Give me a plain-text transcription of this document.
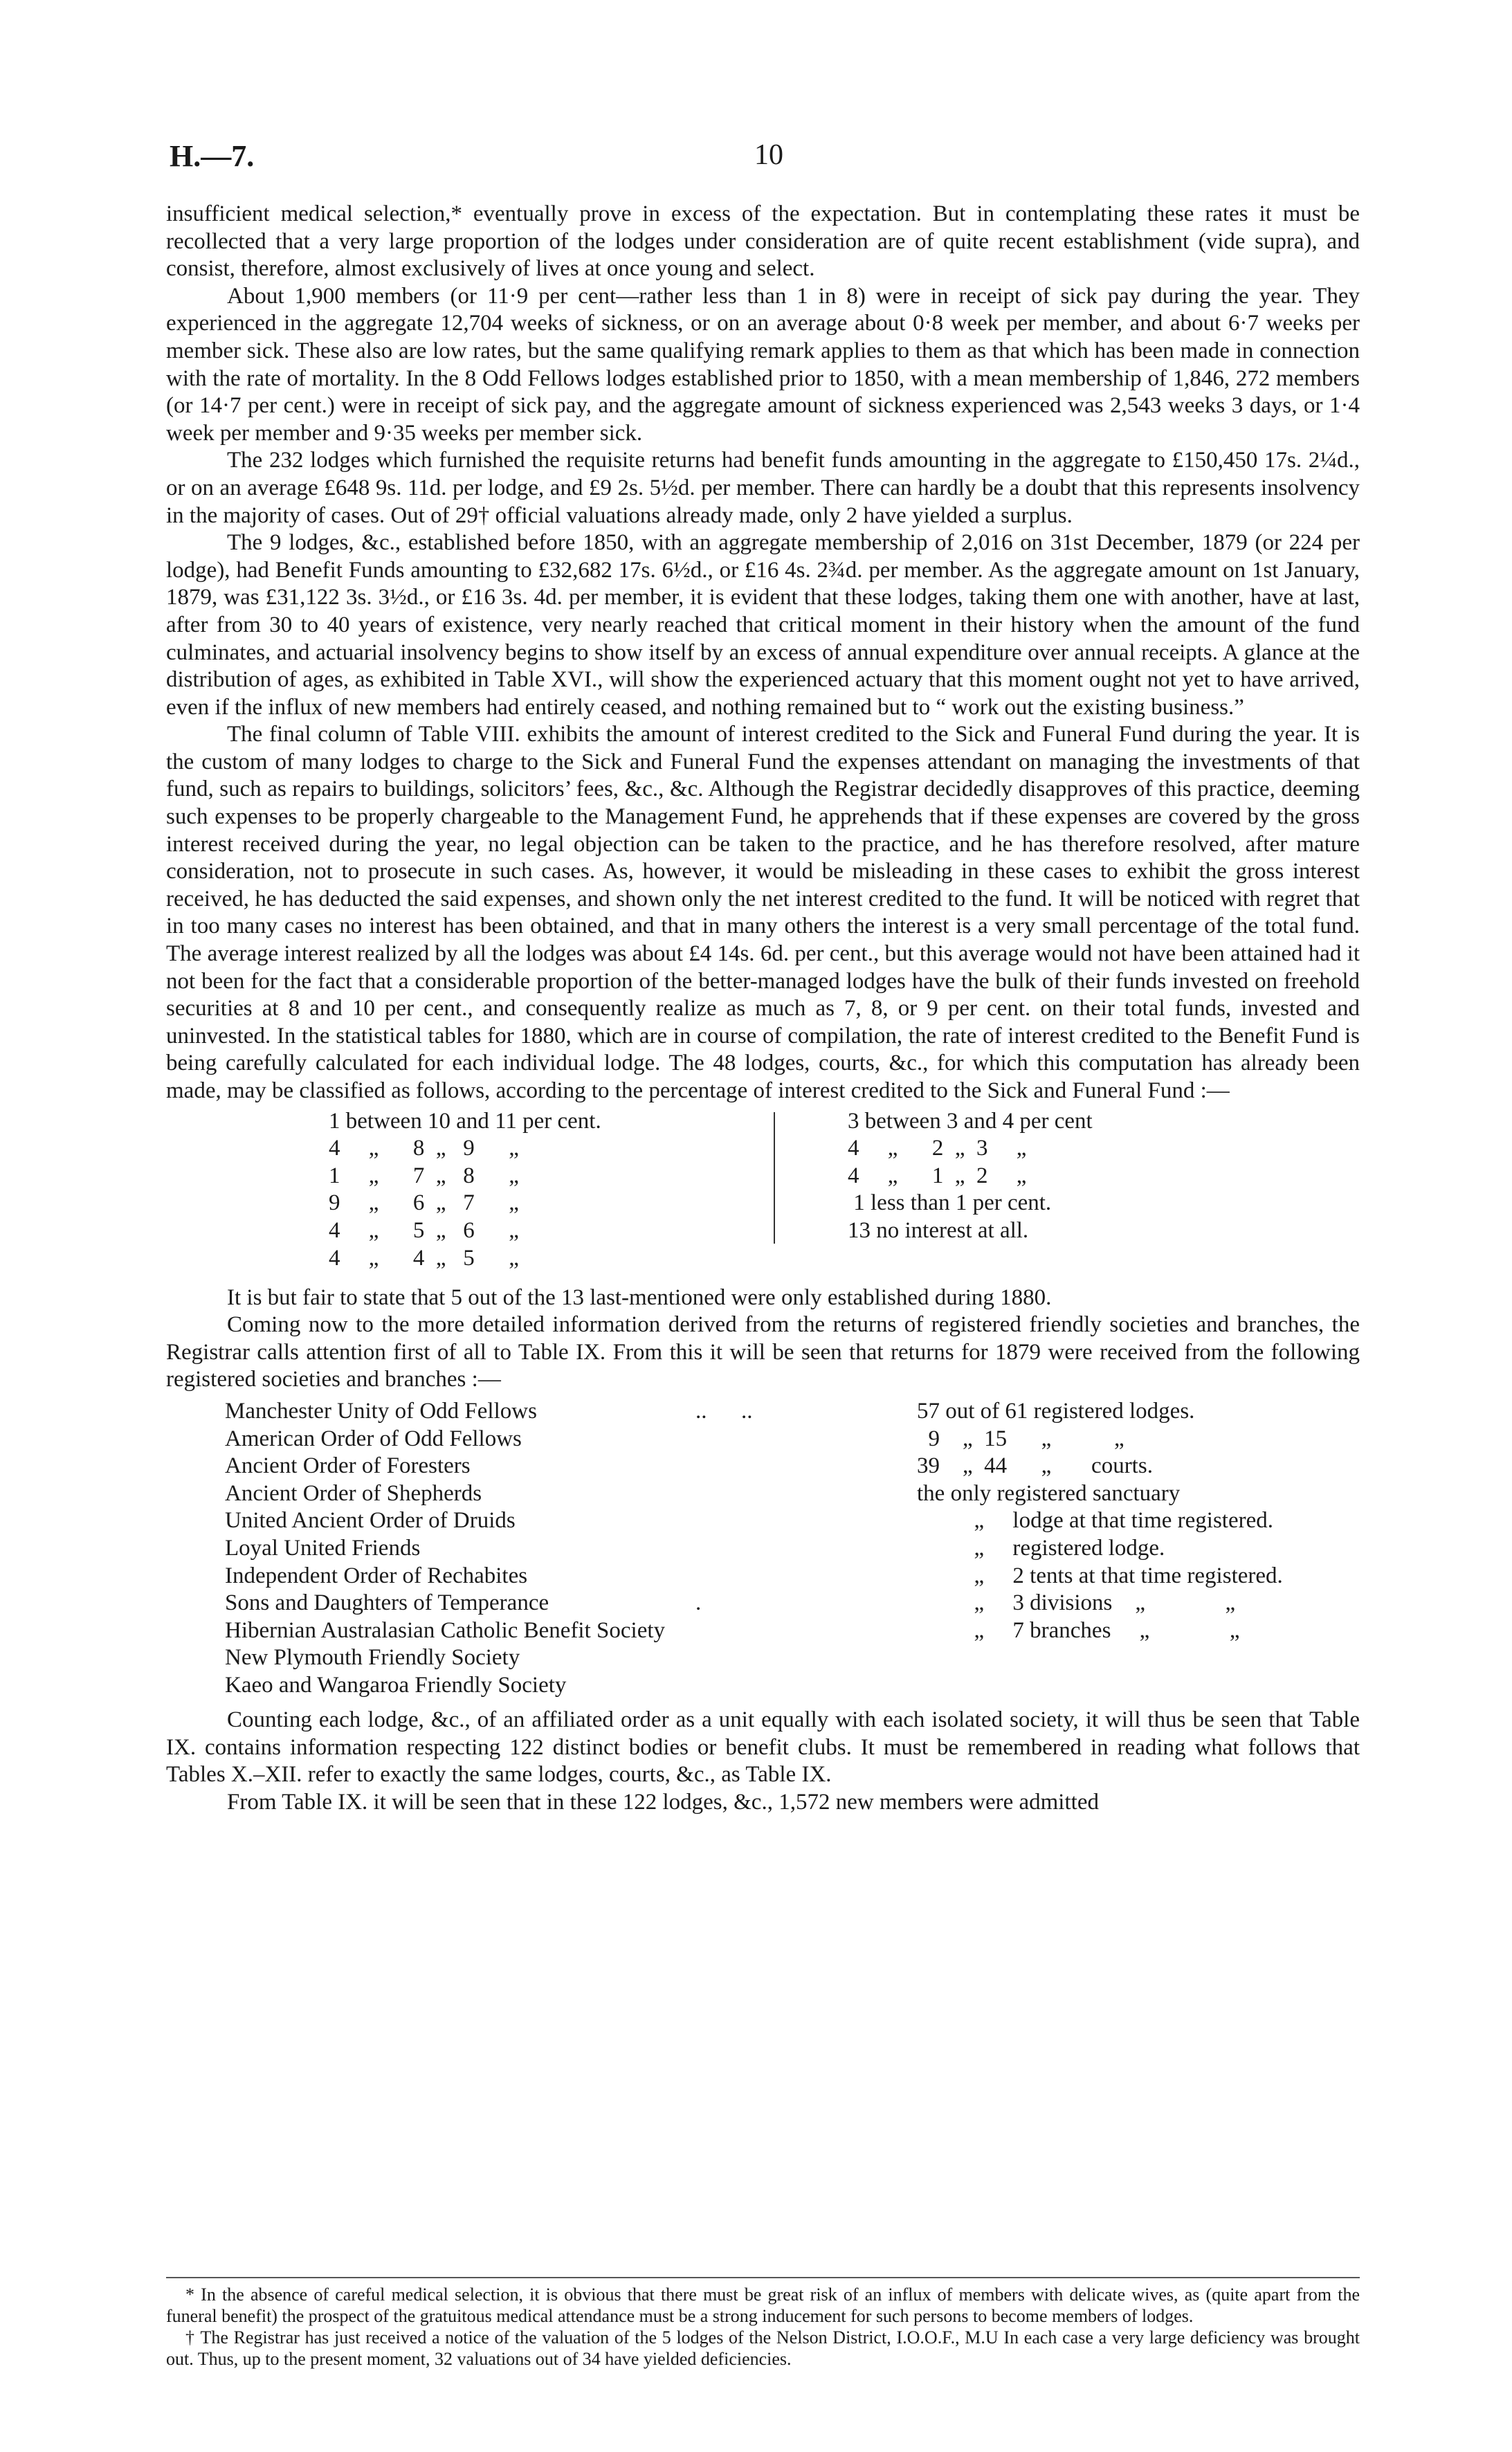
H.—7.	10

insufficient medical selection,* eventually prove in excess of the expectation. But in contemplating these rates it must be recollected that a very large proportion of the lodges under consideration are of quite recent establishment (vide supra), and consist, therefore, almost exclusively of lives at once young and select.

About 1,900 members (or 11·9 per cent—rather less than 1 in 8) were in receipt of sick pay during the year. They experienced in the aggregate 12,704 weeks of sickness, or on an average about 0·8 week per member, and about 6·7 weeks per member sick. These also are low rates, but the same qualifying remark applies to them as that which has been made in connection with the rate of mortality. In the 8 Odd Fellows lodges established prior to 1850, with a mean membership of 1,846, 272 members (or 14·7 per cent.) were in receipt of sick pay, and the aggregate amount of sickness experienced was 2,543 weeks 3 days, or 1·4 week per member and 9·35 weeks per member sick.

The 232 lodges which furnished the requisite returns had benefit funds amounting in the aggregate to £150,450 17s. 2¼d., or on an average £648 9s. 11d. per lodge, and £9 2s. 5½d. per member. There can hardly be a doubt that this represents insolvency in the majority of cases. Out of 29† official valuations already made, only 2 have yielded a surplus.

The 9 lodges, &c., established before 1850, with an aggregate membership of 2,016 on 31st December, 1879 (or 224 per lodge), had Benefit Funds amounting to £32,682 17s. 6½d., or £16 4s. 2¾d. per member. As the aggregate amount on 1st January, 1879, was £31,122 3s. 3½d., or £16 3s. 4d. per member, it is evident that these lodges, taking them one with another, have at last, after from 30 to 40 years of existence, very nearly reached that critical moment in their history when the amount of the fund culminates, and actuarial insolvency begins to show itself by an excess of annual expenditure over annual receipts. A glance at the distribution of ages, as exhibited in Table XVI., will show the experienced actuary that this moment ought not yet to have arrived, even if the influx of new members had entirely ceased, and nothing remained but to “ work out the existing business.”

The final column of Table VIII. exhibits the amount of interest credited to the Sick and Funeral Fund during the year. It is the custom of many lodges to charge to the Sick and Funeral Fund the expenses attendant on managing the investments of that fund, such as repairs to buildings, solicitors’ fees, &c., &c. Although the Registrar decidedly disapproves of this practice, deeming such expenses to be properly chargeable to the Management Fund, he apprehends that if these expenses are covered by the gross interest received during the year, no legal objection can be taken to the practice, and he has therefore resolved, after mature consideration, not to prosecute in such cases. As, however, it would be misleading in these cases to exhibit the gross interest received, he has deducted the said expenses, and shown only the net interest credited to the fund. It will be noticed with regret that in too many cases no interest has been obtained, and that in many others the interest is a very small percentage of the total fund. The average interest realized by all the lodges was about £4 14s. 6d. per cent., but this average would not have been attained had it not been for the fact that a considerable proportion of the better-managed lodges have the bulk of their funds invested on freehold securities at 8 and 10 per cent., and consequently realize as much as 7, 8, or 9 per cent. on their total funds, invested and uninvested. In the statistical tables for 1880, which are in course of compilation, the rate of interest credited to the Benefit Fund is being carefully calculated for each individual lodge. The 48 lodges, courts, &c., for which this computation has already been made, may be classified as follows, according to the percentage of interest credited to the Sick and Funeral Fund :—

1 between 10 and 11 per cent.
4     „      8  „   9      „
1     „      7  „   8      „
9     „      6  „   7      „
4     „      5  „   6      „
4     „      4  „   5      „
3 between 3 and 4 per cent
4     „      2  „  3     „
4     „      1  „  2     „
1 less than 1 per cent.
13 no interest at all.

It is but fair to state that 5 out of the 13 last-mentioned were only established during 1880.

Coming now to the more detailed information derived from the returns of registered friendly societies and branches, the Registrar calls attention first of all to Table IX. From this it will be seen that returns for 1879 were received from the following registered societies and branches :—

Manchester Unity of Odd Fellows	..      ..	57 out of 61 registered lodges.
American Order of Odd Fellows	9    „  15      „           „
Ancient Order of Foresters	39    „  44      „       courts.
Ancient Order of Shepherds	the only registered sanctuary
United Ancient Order of Druids	„     lodge at that time registered.
Loyal United Friends	„     registered lodge.
Independent Order of Rechabites	„     2 tents at that time registered.
Sons and Daughters of Temperance	.	„     3 divisions    „              „
Hibernian Australasian Catholic Benefit Society	„     7 branches     „              „
New Plymouth Friendly Society
Kaeo and Wangaroa Friendly Society

Counting each lodge, &c., of an affiliated order as a unit equally with each isolated society, it will thus be seen that Table IX. contains information respecting 122 distinct bodies or benefit clubs. It must be remembered in reading what follows that Tables X.–XII. refer to exactly the same lodges, courts, &c., as Table IX.

From Table IX. it will be seen that in these 122 lodges, &c., 1,572 new members were admitted

* In the absence of careful medical selection, it is obvious that there must be great risk of an influx of members with delicate wives, as (quite apart from the funeral benefit) the prospect of the gratuitous medical attendance must be a strong inducement for such persons to become members of lodges.

† The Registrar has just received a notice of the valuation of the 5 lodges of the Nelson District, I.O.O.F., M.U In each case a very large deficiency was brought out. Thus, up to the present moment, 32 valuations out of 34 have yielded deficiencies.
